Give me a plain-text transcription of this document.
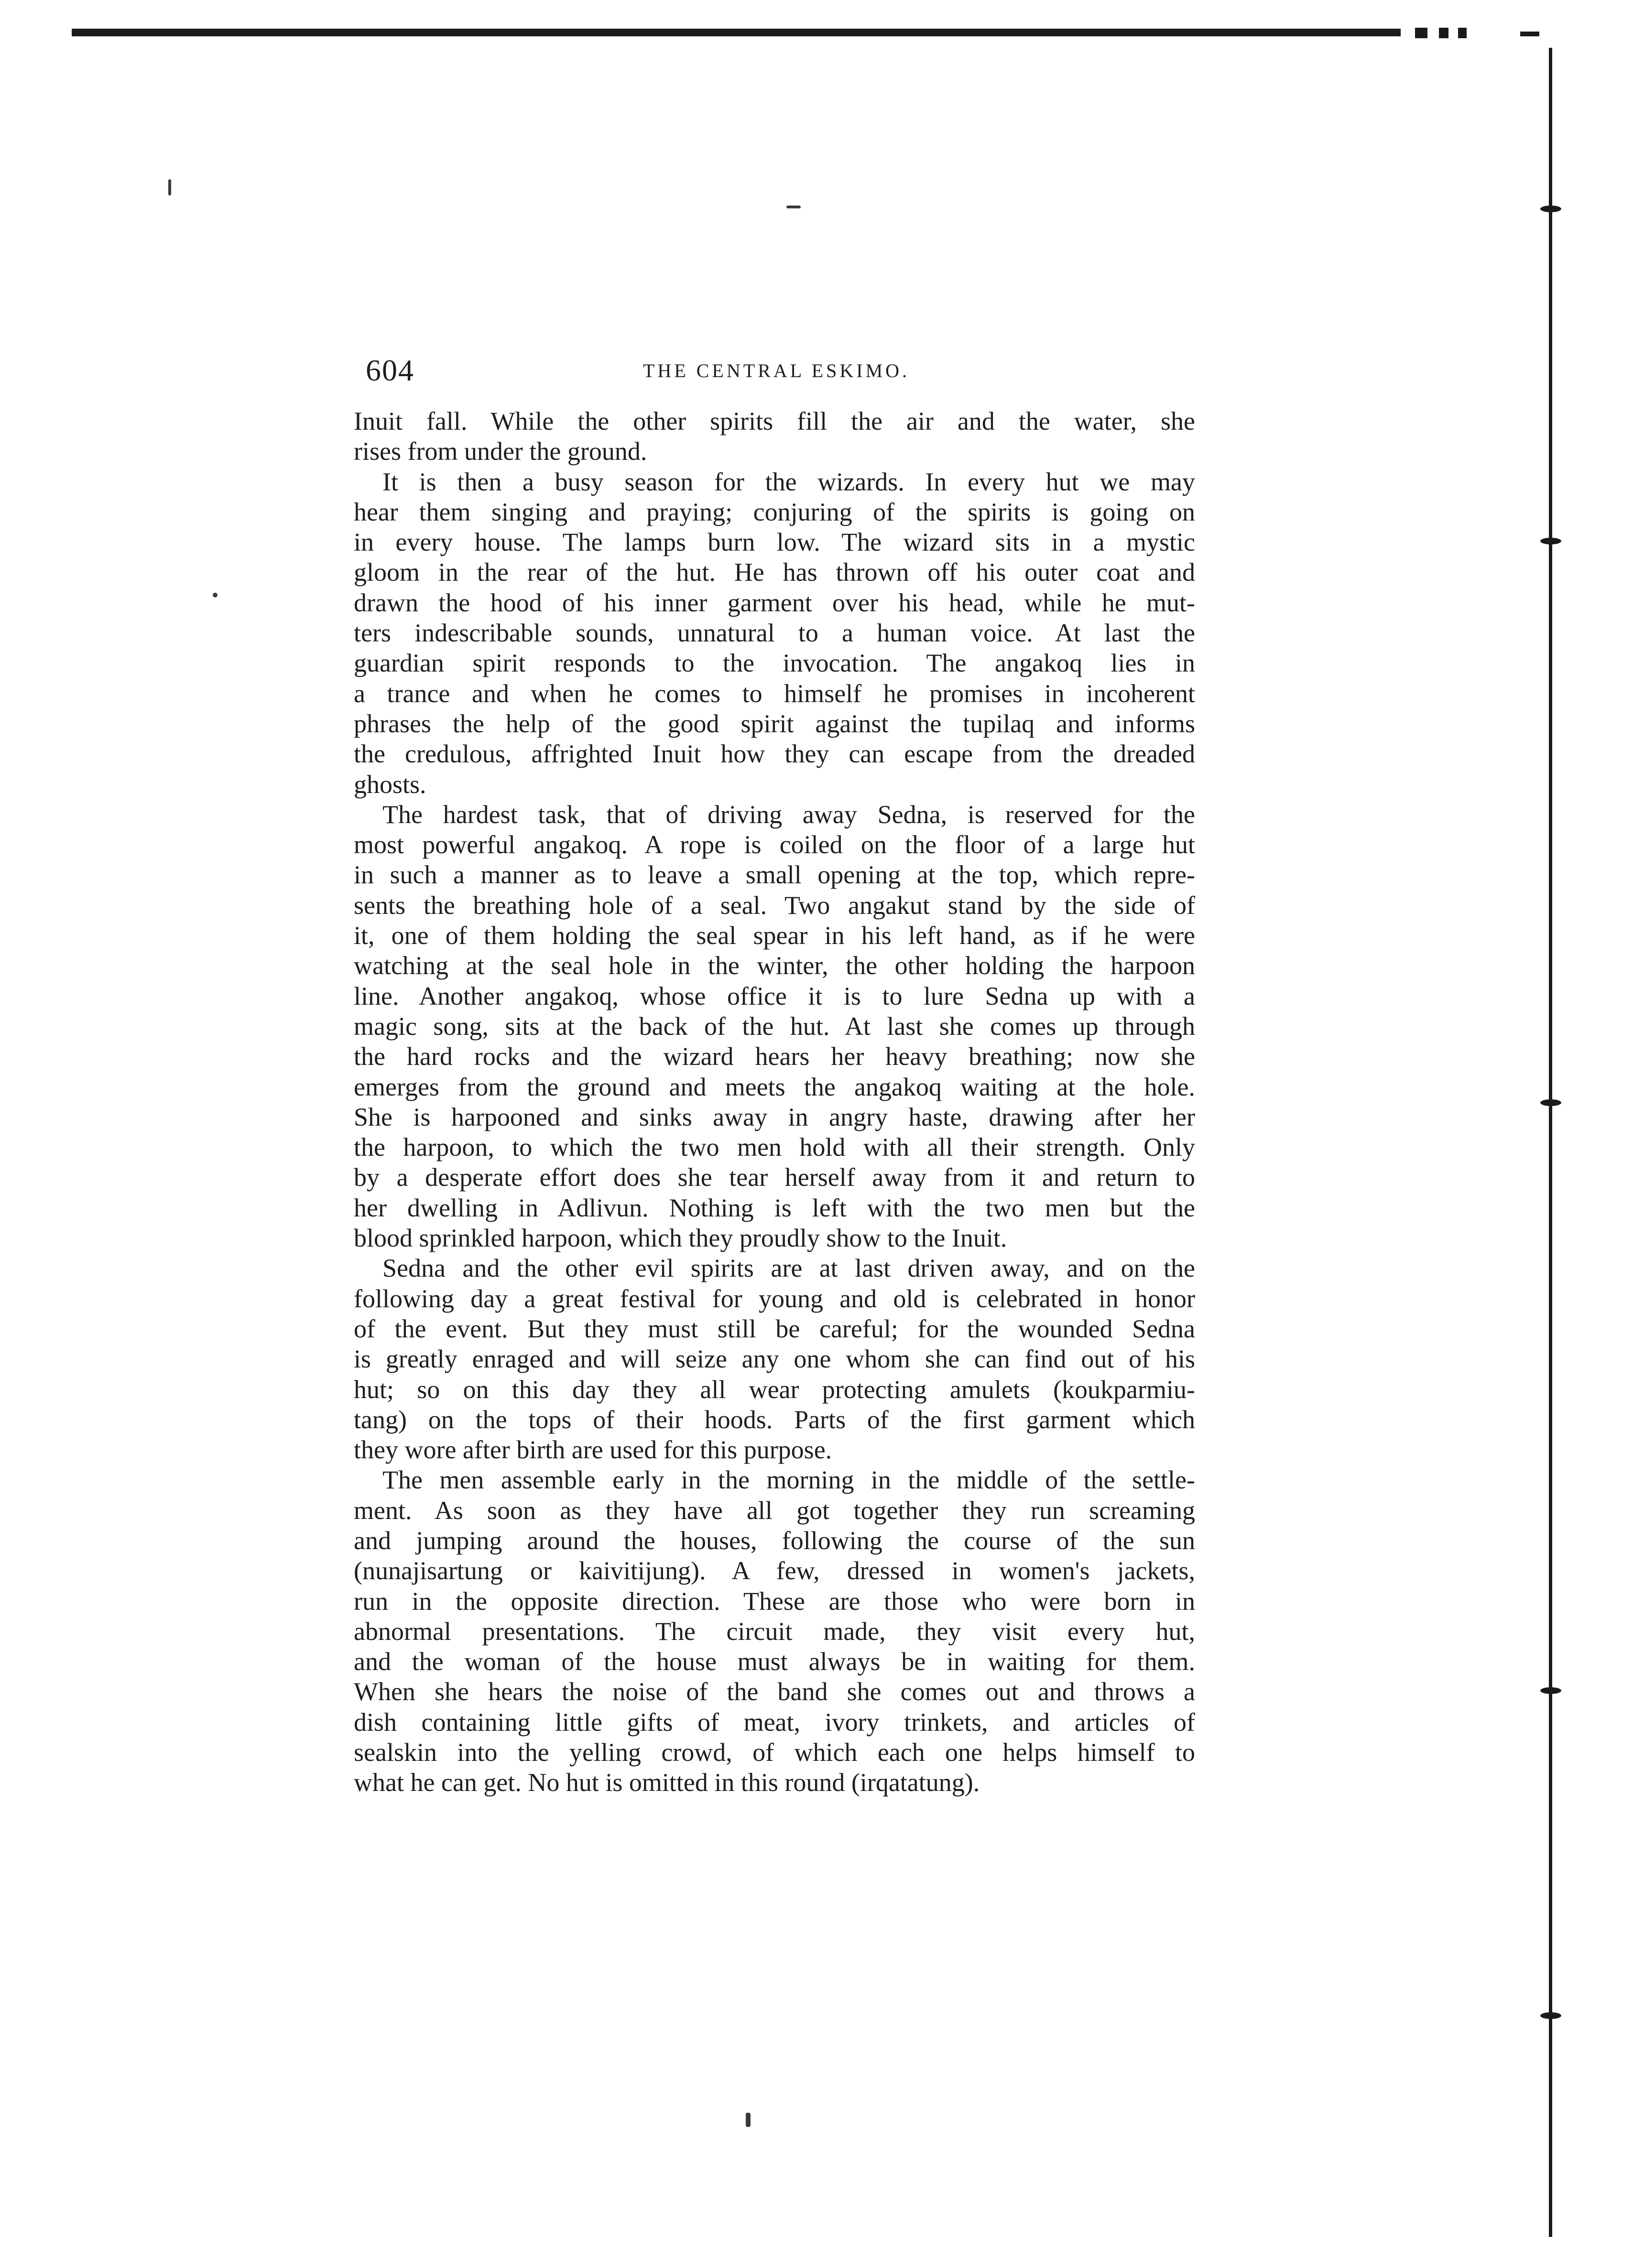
604	THE CENTRAL ESKIMO.
Inuit fall. While the other spirits fill the air and the water, she
rises from under the ground.
It is then a busy season for the wizards. In every hut we may
hear them singing and praying; conjuring of the spirits is going on
in every house. The lamps burn low. The wizard sits in a mystic
gloom in the rear of the hut. He has thrown off his outer coat and
drawn the hood of his inner garment over his head, while he mut-
ters indescribable sounds, unnatural to a human voice. At last the
guardian spirit responds to the invocation. The angakoq lies in
a trance and when he comes to himself he promises in incoherent
phrases the help of the good spirit against the tupilaq and informs
the credulous, affrighted Inuit how they can escape from the dreaded
ghosts.
The hardest task, that of driving away Sedna, is reserved for the
most powerful angakoq. A rope is coiled on the floor of a large hut
in such a manner as to leave a small opening at the top, which repre-
sents the breathing hole of a seal. Two angakut stand by the side of
it, one of them holding the seal spear in his left hand, as if he were
watching at the seal hole in the winter, the other holding the harpoon
line. Another angakoq, whose office it is to lure Sedna up with a
magic song, sits at the back of the hut. At last she comes up through
the hard rocks and the wizard hears her heavy breathing; now she
emerges from the ground and meets the angakoq waiting at the hole.
She is harpooned and sinks away in angry haste, drawing after her
the harpoon, to which the two men hold with all their strength. Only
by a desperate effort does she tear herself away from it and return to
her dwelling in Adlivun. Nothing is left with the two men but the
blood sprinkled harpoon, which they proudly show to the Inuit.
Sedna and the other evil spirits are at last driven away, and on the
following day a great festival for young and old is celebrated in honor
of the event. But they must still be careful; for the wounded Sedna
is greatly enraged and will seize any one whom she can find out of his
hut; so on this day they all wear protecting amulets (koukparmiu-
tang) on the tops of their hoods. Parts of the first garment which
they wore after birth are used for this purpose.
The men assemble early in the morning in the middle of the settle-
ment. As soon as they have all got together they run screaming
and jumping around the houses, following the course of the sun
(nunajisartung or kaivitijung). A few, dressed in women's jackets,
run in the opposite direction. These are those who were born in
abnormal presentations. The circuit made, they visit every hut,
and the woman of the house must always be in waiting for them.
When she hears the noise of the band she comes out and throws a
dish containing little gifts of meat, ivory trinkets, and articles of
sealskin into the yelling crowd, of which each one helps himself to
what he can get. No hut is omitted in this round (irqatatung).
